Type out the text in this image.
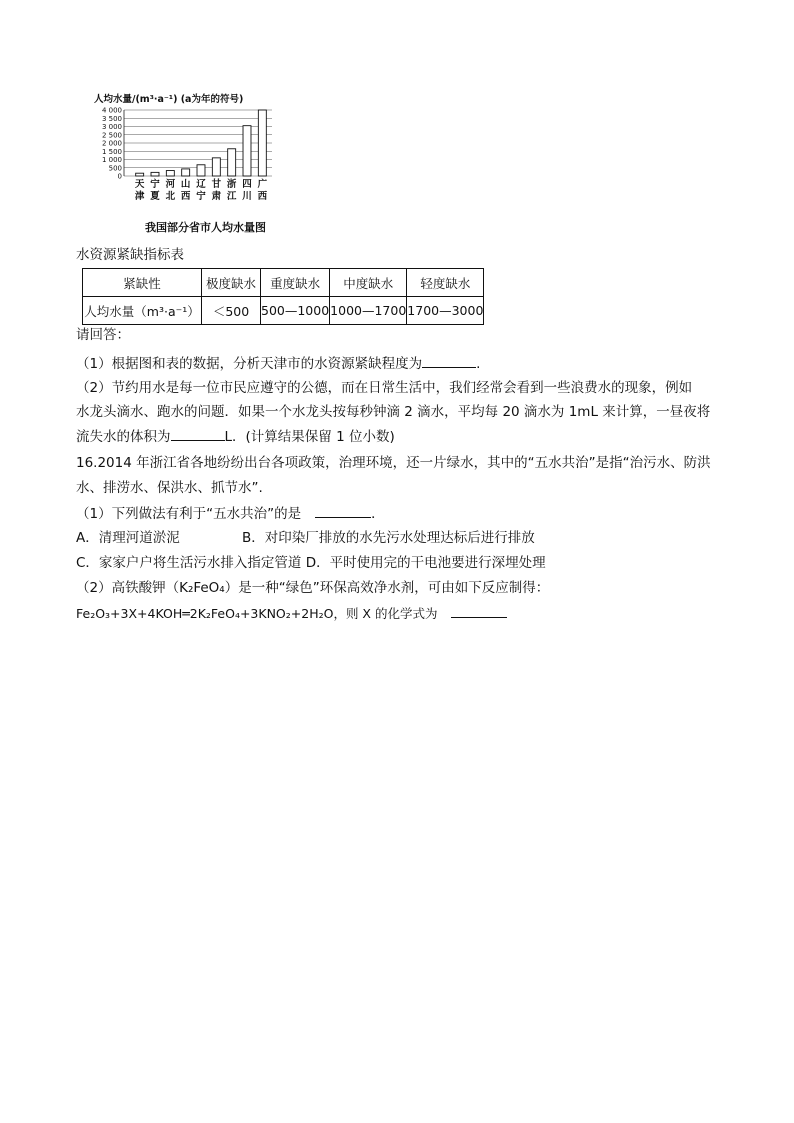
人均水量/(m³·a⁻¹) (a为年的符号)
4 000
3 500
3 000
2 500
2 000
1 500
1 000
500
0
天
津
宁
夏
河
北
山
西
辽
宁
甘
肃
浙
江
四
川
广
西
我国部分省市人均水量图
水资源紧缺指标表
紧缺性	极度缺水	重度缺水	中度缺水	轻度缺水
人均水量（m³·a⁻¹）	＜500	500—1000	1000—1700	1700—3000
请回答：
（1）根据图和表的数据，分析天津市的水资源紧缺程度为	.
（2）节约用水是每一位市民应遵守的公德，而在日常生活中，我们经常会看到一些浪费水的现象，例如
水龙头滴水、跑水的问题．如果一个水龙头按每秒钟滴 2 滴水，平均每 20 滴水为 1mL 来计算，一昼夜将
流失水的体积为	L．(计算结果保留 1 位小数)
16.2014 年浙江省各地纷纷出台各项政策，治理环境，还一片绿水，其中的“五水共治”是指“治污水、防洪
水、排涝水、保洪水、抓节水”.
（1）下列做法有利于“五水共治”的是	．
A．清理河道淤泥	B．对印染厂排放的水先污水处理达标后进行排放
C．家家户户将生活污水排入指定管道 D．平时使用完的干电池要进行深埋处理
（2）高铁酸钾（K₂FeO₄）是一种“绿色”环保高效净水剂，可由如下反应制得：
Fe₂O₃+3X+4KOH═2K₂FeO₄+3KNO₂+2H₂O，则 X 的化学式为
